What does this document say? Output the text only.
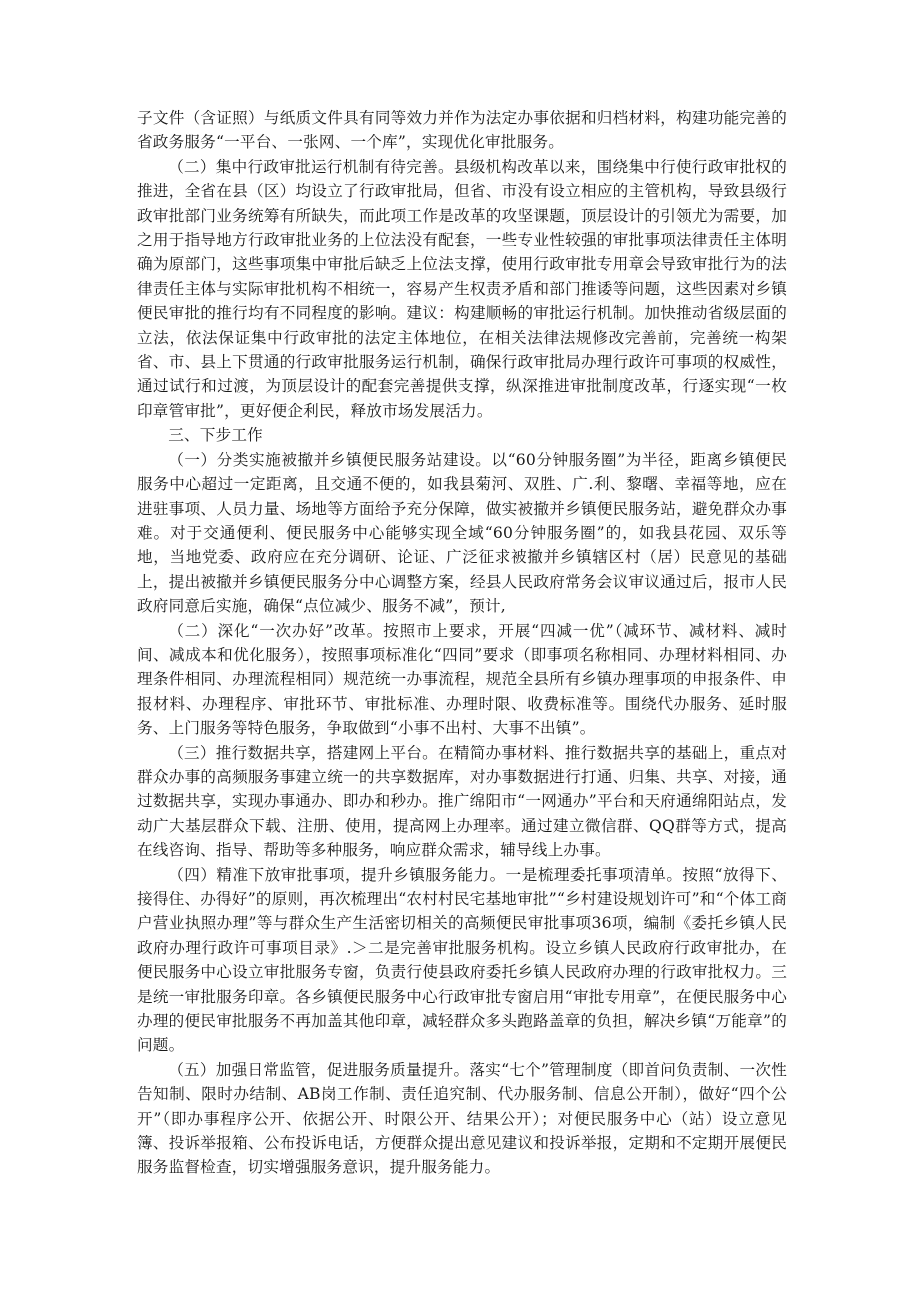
子文件（含证照）与纸质文件具有同等效力并作为法定办事依据和归档材料，构建功能完善的省政务服务“一平台、一张网、一个库”，实现优化审批服务。

（二）集中行政审批运行机制有待完善。县级机构改革以来，围绕集中行使行政审批权的推进，全省在县（区）均设立了行政审批局，但省、市没有设立相应的主管机构，导致县级行政审批部门业务统筹有所缺失，而此项工作是改革的攻坚课题，顶层设计的引领尤为需要，加之用于指导地方行政审批业务的上位法没有配套，一些专业性较强的审批事项法律责任主体明确为原部门，这些事项集中审批后缺乏上位法支撑，使用行政审批专用章会导致审批行为的法律责任主体与实际审批机构不相统一，容易产生权责矛盾和部门推诿等问题，这些因素对乡镇便民审批的推行均有不同程度的影响。建议：构建顺畅的审批运行机制。加快推动省级层面的立法，依法保证集中行政审批的法定主体地位，在相关法律法规修改完善前，完善统一构架省、市、县上下贯通的行政审批服务运行机制，确保行政审批局办理行政许可事项的权威性，通过试行和过渡，为顶层设计的配套完善提供支撑，纵深推进审批制度改革，行逐实现“一枚印章管审批”，更好便企利民，释放市场发展活力。

三、下步工作

（一）分类实施被撤并乡镇便民服务站建设。以“60分钟服务圈”为半径，距离乡镇便民服务中心超过一定距离，且交通不便的，如我县菊河、双胜、广.利、黎曙、幸福等地，应在进驻事项、人员力量、场地等方面给予充分保障，做实被撤并乡镇便民服务站，避免群众办事难。对于交通便利、便民服务中心能够实现全域“60分钟服务圈”的，如我县花园、双乐等地，当地党委、政府应在充分调研、论证、广泛征求被撤并乡镇辖区村（居）民意见的基础上，提出被撤并乡镇便民服务分中心调整方案，经县人民政府常务会议审议通过后，报市人民政府同意后实施，确保“点位减少、服务不减”，预计,

（二）深化“一次办好”改革。按照市上要求，开展“四减一优”（减环节、减材料、减时间、减成本和优化服务），按照事项标准化“四同”要求（即事项名称相同、办理材料相同、办理条件相同、办理流程相同）规范统一办事流程，规范全县所有乡镇办理事项的申报条件、申报材料、办理程序、审批环节、审批标准、办理时限、收费标准等。围绕代办服务、延时服务、上门服务等特色服务，争取做到“小事不出村、大事不出镇”。

（三）推行数据共享，搭建网上平台。在精简办事材料、推行数据共享的基础上，重点对群众办事的高频服务事建立统一的共享数据库，对办事数据进行打通、归集、共享、对接，通过数据共享，实现办事通办、即办和秒办。推广绵阳市“一网通办”平台和天府通绵阳站点，发动广大基层群众下载、注册、使用，提高网上办理率。通过建立微信群、QQ群等方式，提高在线咨询、指导、帮助等多种服务，响应群众需求，辅导线上办事。

（四）精准下放审批事项，提升乡镇服务能力。一是梳理委托事项清单。按照“放得下、接得住、办得好”的原则，再次梳理出“农村村民宅基地审批”“乡村建设规划许可”和“个体工商户营业执照办理”等与群众生产生活密切相关的高频便民审批事项36项，编制《委托乡镇人民政府办理行政许可事项目录》.＞二是完善审批服务机构。设立乡镇人民政府行政审批办，在便民服务中心设立审批服务专窗，负责行使县政府委托乡镇人民政府办理的行政审批权力。三是统一审批服务印章。各乡镇便民服务中心行政审批专窗启用“审批专用章”，在便民服务中心办理的便民审批服务不再加盖其他印章，减轻群众多头跑路盖章的负担，解决乡镇“万能章”的问题。

（五）加强日常监管，促进服务质量提升。落实“七个”管理制度（即首问负责制、一次性告知制、限时办结制、AB岗工作制、责任追究制、代办服务制、信息公开制），做好“四个公开”（即办事程序公开、依据公开、时限公开、结果公开）；对便民服务中心（站）设立意见簿、投诉举报箱、公布投诉电话，方便群众提出意见建议和投诉举报，定期和不定期开展便民服务监督检查，切实增强服务意识，提升服务能力。
